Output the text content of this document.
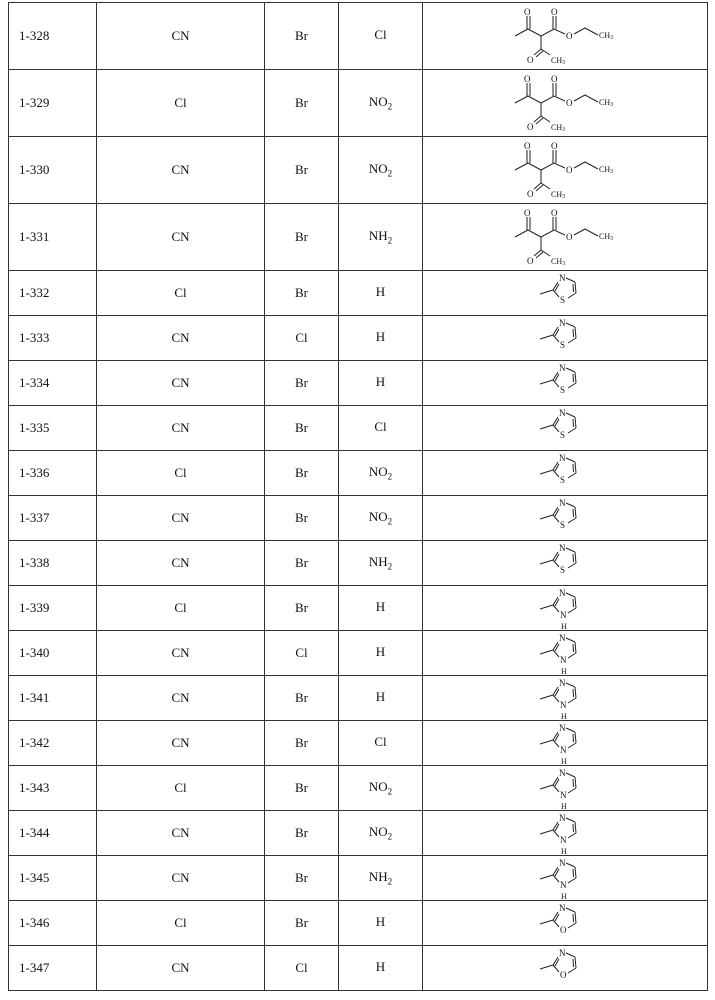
1-328	CN	Br	Cl	
O O
O
O CH3
CH3

1-329	Cl	Br	NO2	
O O
O
O CH3
CH3

1-330	CN	Br	NO2	
O O
O
O CH3
CH3

1-331	CN	Br	NH2	
O O
O
O CH3
CH3

1-332	Cl	Br	H	
N
S

1-333	CN	Cl	H	
N
S

1-334	CN	Br	H	
N
S

1-335	CN	Br	Cl	
N
S

1-336	Cl	Br	NO2	
N
S

1-337	CN	Br	NO2	
N
S

1-338	CN	Br	NH2	
N
S

1-339	Cl	Br	H	
N
N
H

1-340	CN	Cl	H	
N
N
H

1-341	CN	Br	H	
N
N
H

1-342	CN	Br	Cl	
N
N
H

1-343	Cl	Br	NO2	
N
N
H

1-344	CN	Br	NO2	
N
N
H

1-345	CN	Br	NH2	
N
N
H

1-346	Cl	Br	H	
N
O

1-347	CN	Cl	H	
N
O
